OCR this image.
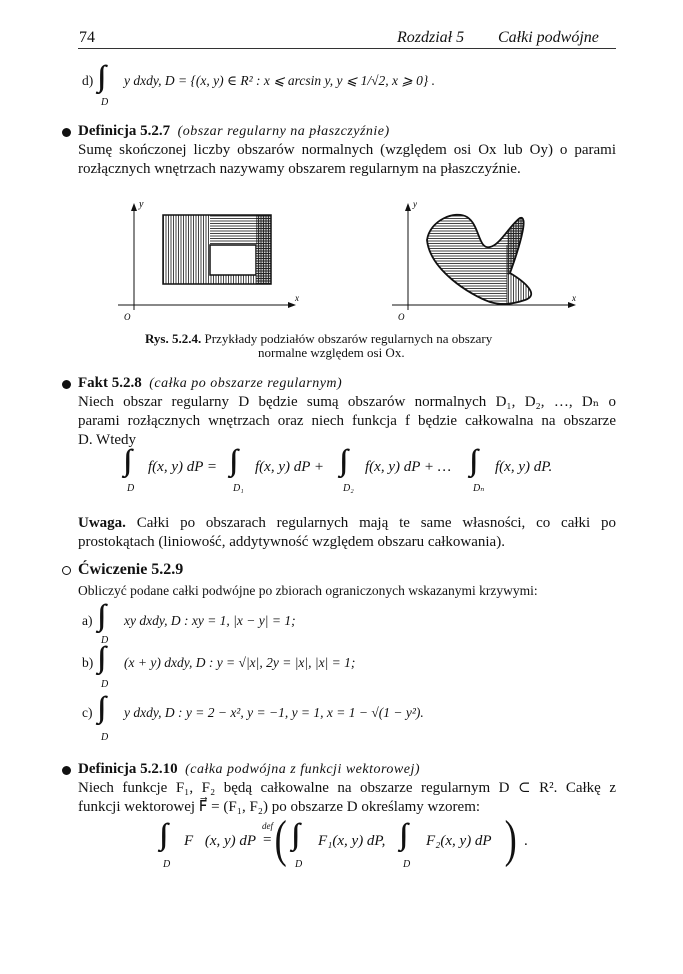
74	Rozdział 5 Całki podwójne
d)
D
y dxdy, D = {(x, y) ∈ R² : x ⩽ arcsin y, y ⩽ 1/√2, x ⩾ 0} .
Definicja 5.2.7 (obszar regularny na płaszczyźnie)
Sumę skończonej liczby obszarów normalnych (względem osi Ox lub Oy) o parami
rozłącznych wnętrzach nazywamy obszarem regularnym na płaszczyźnie.
y
x
O
y
x
O
Rys. 5.2.4. Przykłady podziałów obszarów regularnych na obszary
normalne względem osi Ox.
Fakt 5.2.8 (całka po obszarze regularnym)
Niech obszar regularny D będzie sumą obszarów normalnych D₁, D₂, …, Dₙ o
parami rozłącznych wnętrzach oraz niech funkcja f będzie całkowalna na obszarze
D. Wtedy
D
f(x, y) dP =
D₁
f(x, y) dP +
D₂
f(x, y) dP + …
Dₙ
f(x, y) dP.
Uwaga. Całki po obszarach regularnych mają te same własności, co całki po
prostokątach (liniowość, addytywność względem obszaru całkowania).
Ćwiczenie 5.2.9
Obliczyć podane całki podwójne po zbiorach ograniczonych wskazanymi krzywymi:
a)
D
xy dxdy, D : xy = 1, |x − y| = 1;
b)
D
(x + y) dxdy, D : y = √|x|, 2y = |x|, |x| = 1;
c)
D
y dxdy, D : y = 2 − x², y = −1, y = 1, x = 1 − √(1 − y²).
Definicja 5.2.10 (całka podwójna z funkcji wektorowej)
Niech funkcje F₁, F₂ będą całkowalne na obszarze regularnym D ⊂ R². Całkę z
funkcji wektorowej F⃗ = (F₁, F₂) po obszarze D określamy wzorem:
D
F⃗(x, y) dP
def
= ( D
F₁(x, y) dP,
D
F₂(x, y) dP ) .
